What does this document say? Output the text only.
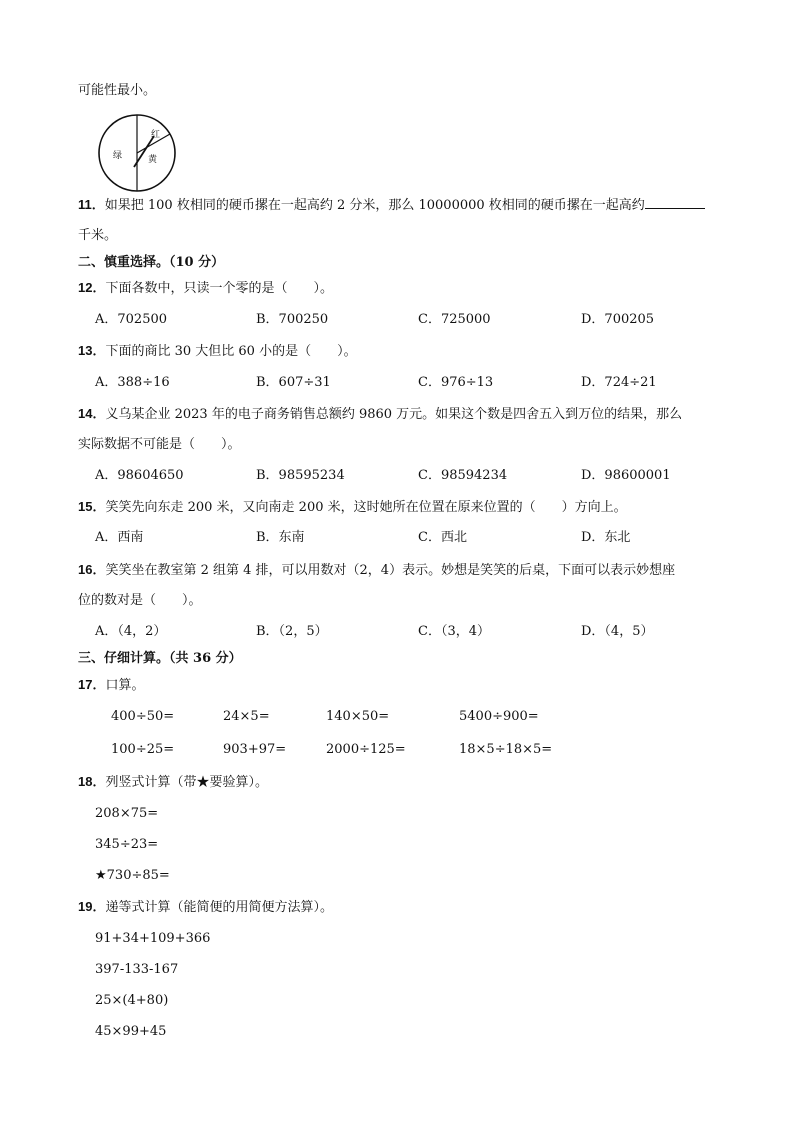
可能性最小。
红
绿	黄
11．如果把 100 枚相同的硬币摞在一起高约 2 分米，那么 10000000 枚相同的硬币摞在一起高约
千米。
二、慎重选择。（10 分）
12．下面各数中，只读一个零的是（　　）。
A．702500	B．700250	C．725000	D．700205
13．下面的商比 30 大但比 60 小的是（　　）。
A．388÷16	B．607÷31	C．976÷13	D．724÷21
14．义乌某企业 2023 年的电子商务销售总额约 9860 万元。如果这个数是四舍五入到万位的结果，那么
实际数据不可能是（　　）。
A．98604650	B．98595234	C．98594234	D．98600001
15．笑笑先向东走 200 米，又向南走 200 米，这时她所在位置在原来位置的（　　）方向上。
A．西南	B．东南	C．西北	D．东北
16．笑笑坐在教室第 2 组第 4 排，可以用数对（2，4）表示。妙想是笑笑的后桌，下面可以表示妙想座
位的数对是（　　）。
A．（4，2）	B．（2，5）	C．（3，4）	D．（4，5）
三、仔细计算。（共 36 分）
17．口算。
400÷50=	24×5=	140×50=	5400÷900=
100÷25=	903+97=	2000÷125=	18×5÷18×5=
18．列竖式计算（带★要验算）。
208×75=
345÷23=
★730÷85=
19．递等式计算（能简便的用简便方法算）。
91+34+109+366
397-133-167
25×(4+80)
45×99+45
